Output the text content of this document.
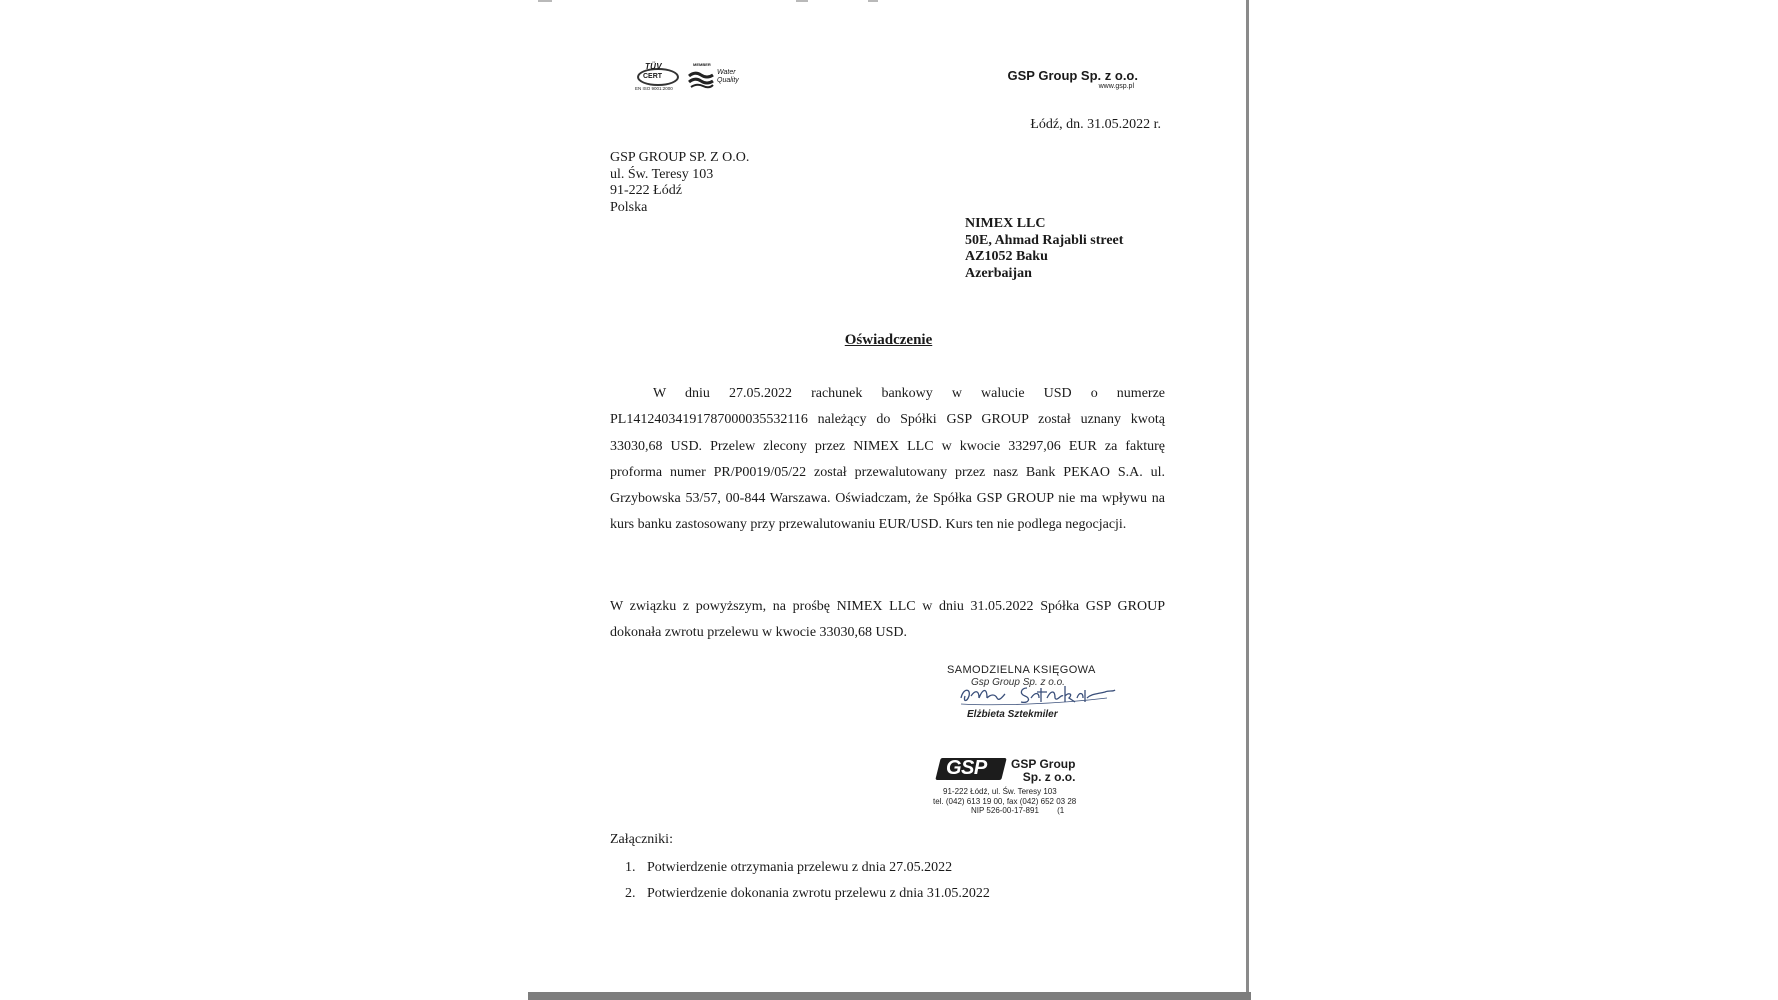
TÜV
CERT
EN ISO 9001:2000
MEMBER
Water
Quality	GSP Group Sp. z o.o.
www.gsp.pl
Łódź, dn. 31.05.2022 r.
GSP GROUP SP. Z O.O.
ul. Św. Teresy 103
91-222 Łódź
Polska
NIMEX LLC
50E, Ahmad Rajabli street
AZ1052 Baku
Azerbaijan
Oświadczenie

W dniu 27.05.2022 rachunek bankowy w walucie USD o numerze PL14124034191787000035532116 należący do Spółki GSP GROUP został uznany kwotą 33030,68 USD. Przelew zlecony przez NIMEX LLC w kwocie 33297,06 EUR za fakturę proforma numer PR/P0019/05/22 został przewalutowany przez nasz Bank PEKAO S.A. ul. Grzybowska 53/57, 00-844 Warszawa. Oświadczam, że Spółka GSP GROUP nie ma wpływu na kurs banku zastosowany przy przewalutowaniu EUR/USD. Kurs ten nie podlega negocjacji.

W związku z powyższym, na prośbę NIMEX LLC w dniu 31.05.2022 Spółka GSP GROUP dokonała zwrotu przelewu w kwocie 33030,68 USD.

SAMODZIELNA KSIĘGOWA
Gsp Group Sp. z o.o.
Elżbieta Sztekmiler
GSP GSP Group
Sp. z o.o.
91-222 Łódź, ul. Św. Teresy 103
tel. (042) 613 19 00, fax (042) 652 03 28
NIP 526-00-17-891 (1
Załączniki:
1. Potwierdzenie otrzymania przelewu z dnia 27.05.2022
2. Potwierdzenie dokonania zwrotu przelewu z dnia 31.05.2022
